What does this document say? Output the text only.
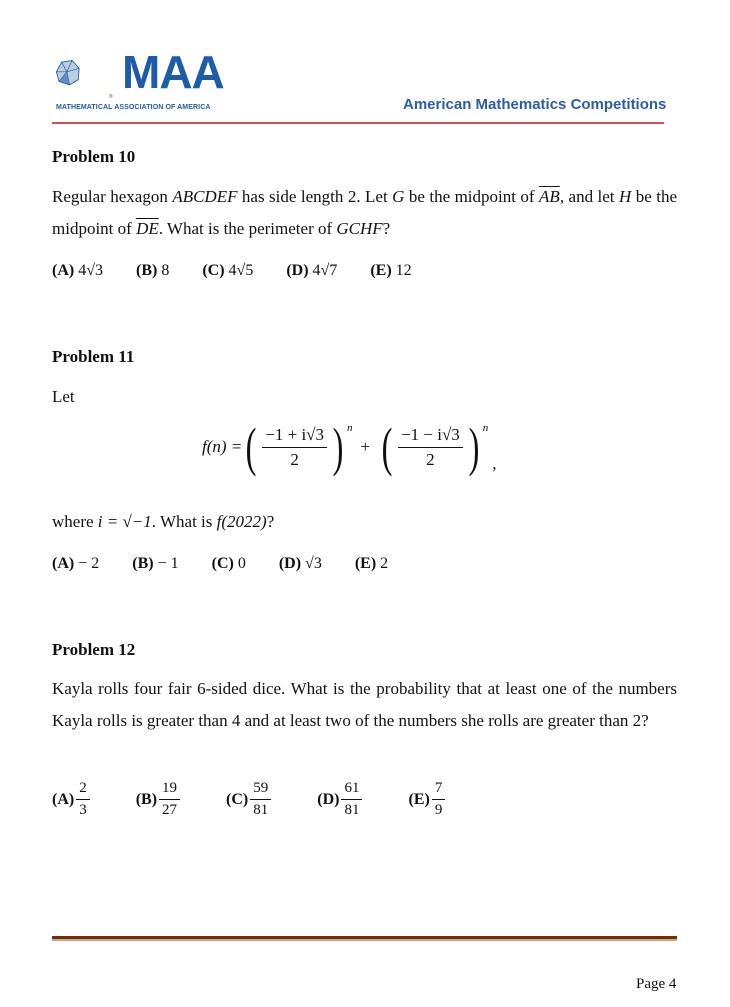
MAA
®
MATHEMATICAL ASSOCIATION OF AMERICA	American Mathematics Competitions
Problem 10
Regular hexagon ABCDEF has side length 2. Let G be the midpoint of $\overline{AB}$, and let H be the midpoint of $\overline{DE}$. What is the perimeter of GCHF?
(A) 4√3 (B) 8 (C) 4√5 (D) 4√7 (E) 12
Problem 11
Let
f(n) = ( $\frac{-1 + i√3}{2}$ ) n
+ ( $\frac{-1 - i√3}{2}$ ) n
,
where i = √−1. What is f(2022)?
(A) − 2 (B) − 1 (C) 0 (D) √3 (E) 2
Problem 12
Kayla rolls four fair 6-sided dice. What is the probability that at least one of the numbers Kayla rolls is greater than 4 and at least two of the numbers she rolls are greater than 2?
$(A) \frac{2}{3}$	$(B) \frac{19}{27}$	$(C) \frac{59}{81}$	$(D) \frac{61}{81}$	$(E) \frac{7}{9}$
Page 4
